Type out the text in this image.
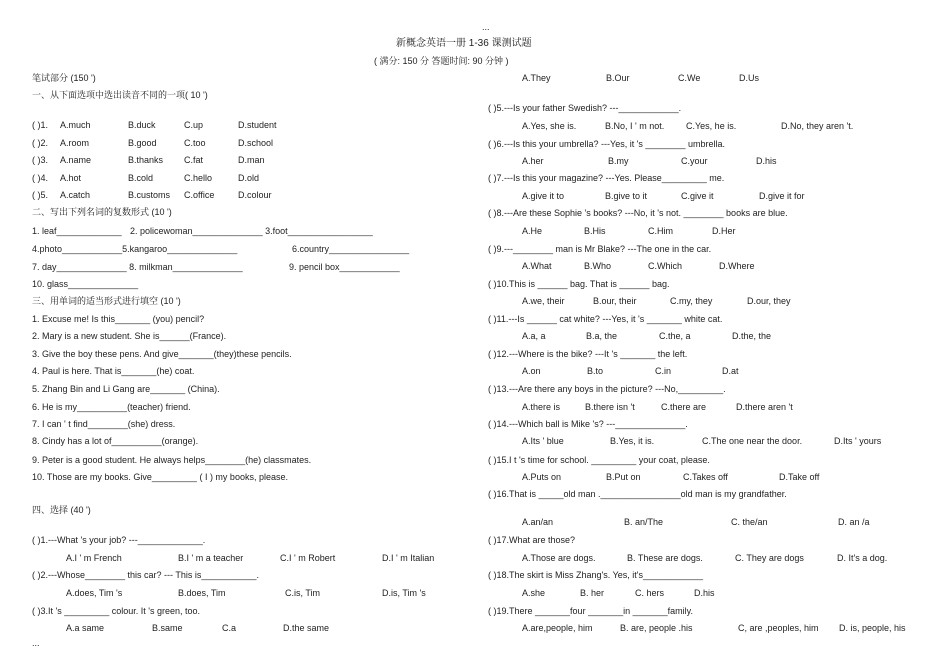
...
新概念英语一册 1-36 课测试题
( 满分: 150 分 答题时间: 90 分钟 )
笔试部分 (150 ')
一、从下面选项中选出读音不同的一项( 10 ')
( )1. A.much	B.duck	C.up	D.student
( )2. A.room	B.good	C.too	D.school
( )3. A.name	B.thanks C.fat	D.man
( )4. A.hot	B.cold	C.hello	D.old
( )5. A.catch	B.customs C.office	D.colour
二、写出下列名词的复数形式 (10 ')
1. leaf_____________ 2. policewoman______________ 3.foot_________________
4.photo____________5.kangaroo______________	6.country________________
7. day______________ 8. milkman______________	9. pencil box____________
10. glass______________
三、用单词的适当形式进行填空 (10 ')
1. Excuse me! Is this_______ (you) pencil?
2. Mary is a new student. She is______(France).
3. Give the boy these pens. And give_______(they)these pencils.
4. Paul is here. That is_______(he) coat.
5. Zhang Bin and Li Gang are_______ (China).
6. He is my__________(teacher) friend.
7. I can ' t find________(she) dress.
8. Cindy has a lot of__________(orange).
9. Peter is a good student. He always helps________(he) classmates.
10. Those are my books. Give_________ ( I ) my books, please.
四、选择 (40 ')
( )1.---What 's your job? ---_____________.
A.I ' m French	B.I ' m a teacher	C.I ' m Robert	D.I ' m Italian
( )2.---Whose________ this car? --- This is___________.
A.does, Tim 's	B.does, Tim	C.is, Tim	D.is, Tim 's
( )3.It 's _________ colour. It 's green, too.
A.a same	B.same	C.a	D.the same
...
A.They	B.Our	C.We	D.Us
( )5.---Is your father Swedish? ---____________.
A.Yes, she is.	B.No, I ' m not. C.Yes, he is.	D.No, they aren 't.
( )6.---Is this your umbrella? ---Yes, it 's ________ umbrella.
A.her	B.my	C.your	D.his
( )7.---Is this your magazine? ---Yes. Please_________ me.
A.give it to	B.give to it	C.give it	D.give it for
( )8.---Are these Sophie 's books? ---No, it 's not. ________ books are blue.
A.He	B.His	C.Him	D.Her
( )9.---________ man is Mr Blake? ---The one in the car.
A.What	B.Who	C.Which	D.Where
( )10.This is ______ bag. That is ______ bag.
A.we, their	B.our, their	C.my, they	D.our, they
( )11.---Is ______ cat white? ---Yes, it 's _______ white cat.
A.a, a	B.a, the	C.the, a	D.the, the
( )12.---Where is the bike? ---It 's _______ the left.
A.on	B.to	C.in	D.at
( )13.---Are there any boys in the picture? ---No,_________.
A.there is	B.there isn 't	C.there are	D.there aren 't
( )14.---Which ball is Mike 's? ---______________.
A.Its ' blue	B.Yes, it is.	C.The one near the door.	D.Its ' yours
( )15.I t 's time for school. _________ your coat, please.
A.Puts on	B.Put on	C.Takes off	D.Take off
( )16.That is _____old man .________________old man is my grandfather.
A.an/an	B. an/The	C. the/an	D. an /a
( )17.What are those?
A.Those are dogs.	B. These are dogs.	C. They are dogs	D. It's a dog.
( )18.The skirt is Miss Zhang's. Yes, it's____________
A.she	B. her	C. hers	D.his
( )19.There _______four _______in _______family.
A.are,people, him	B. are, people .his	C, are ,peoples, him D. is, people, his
